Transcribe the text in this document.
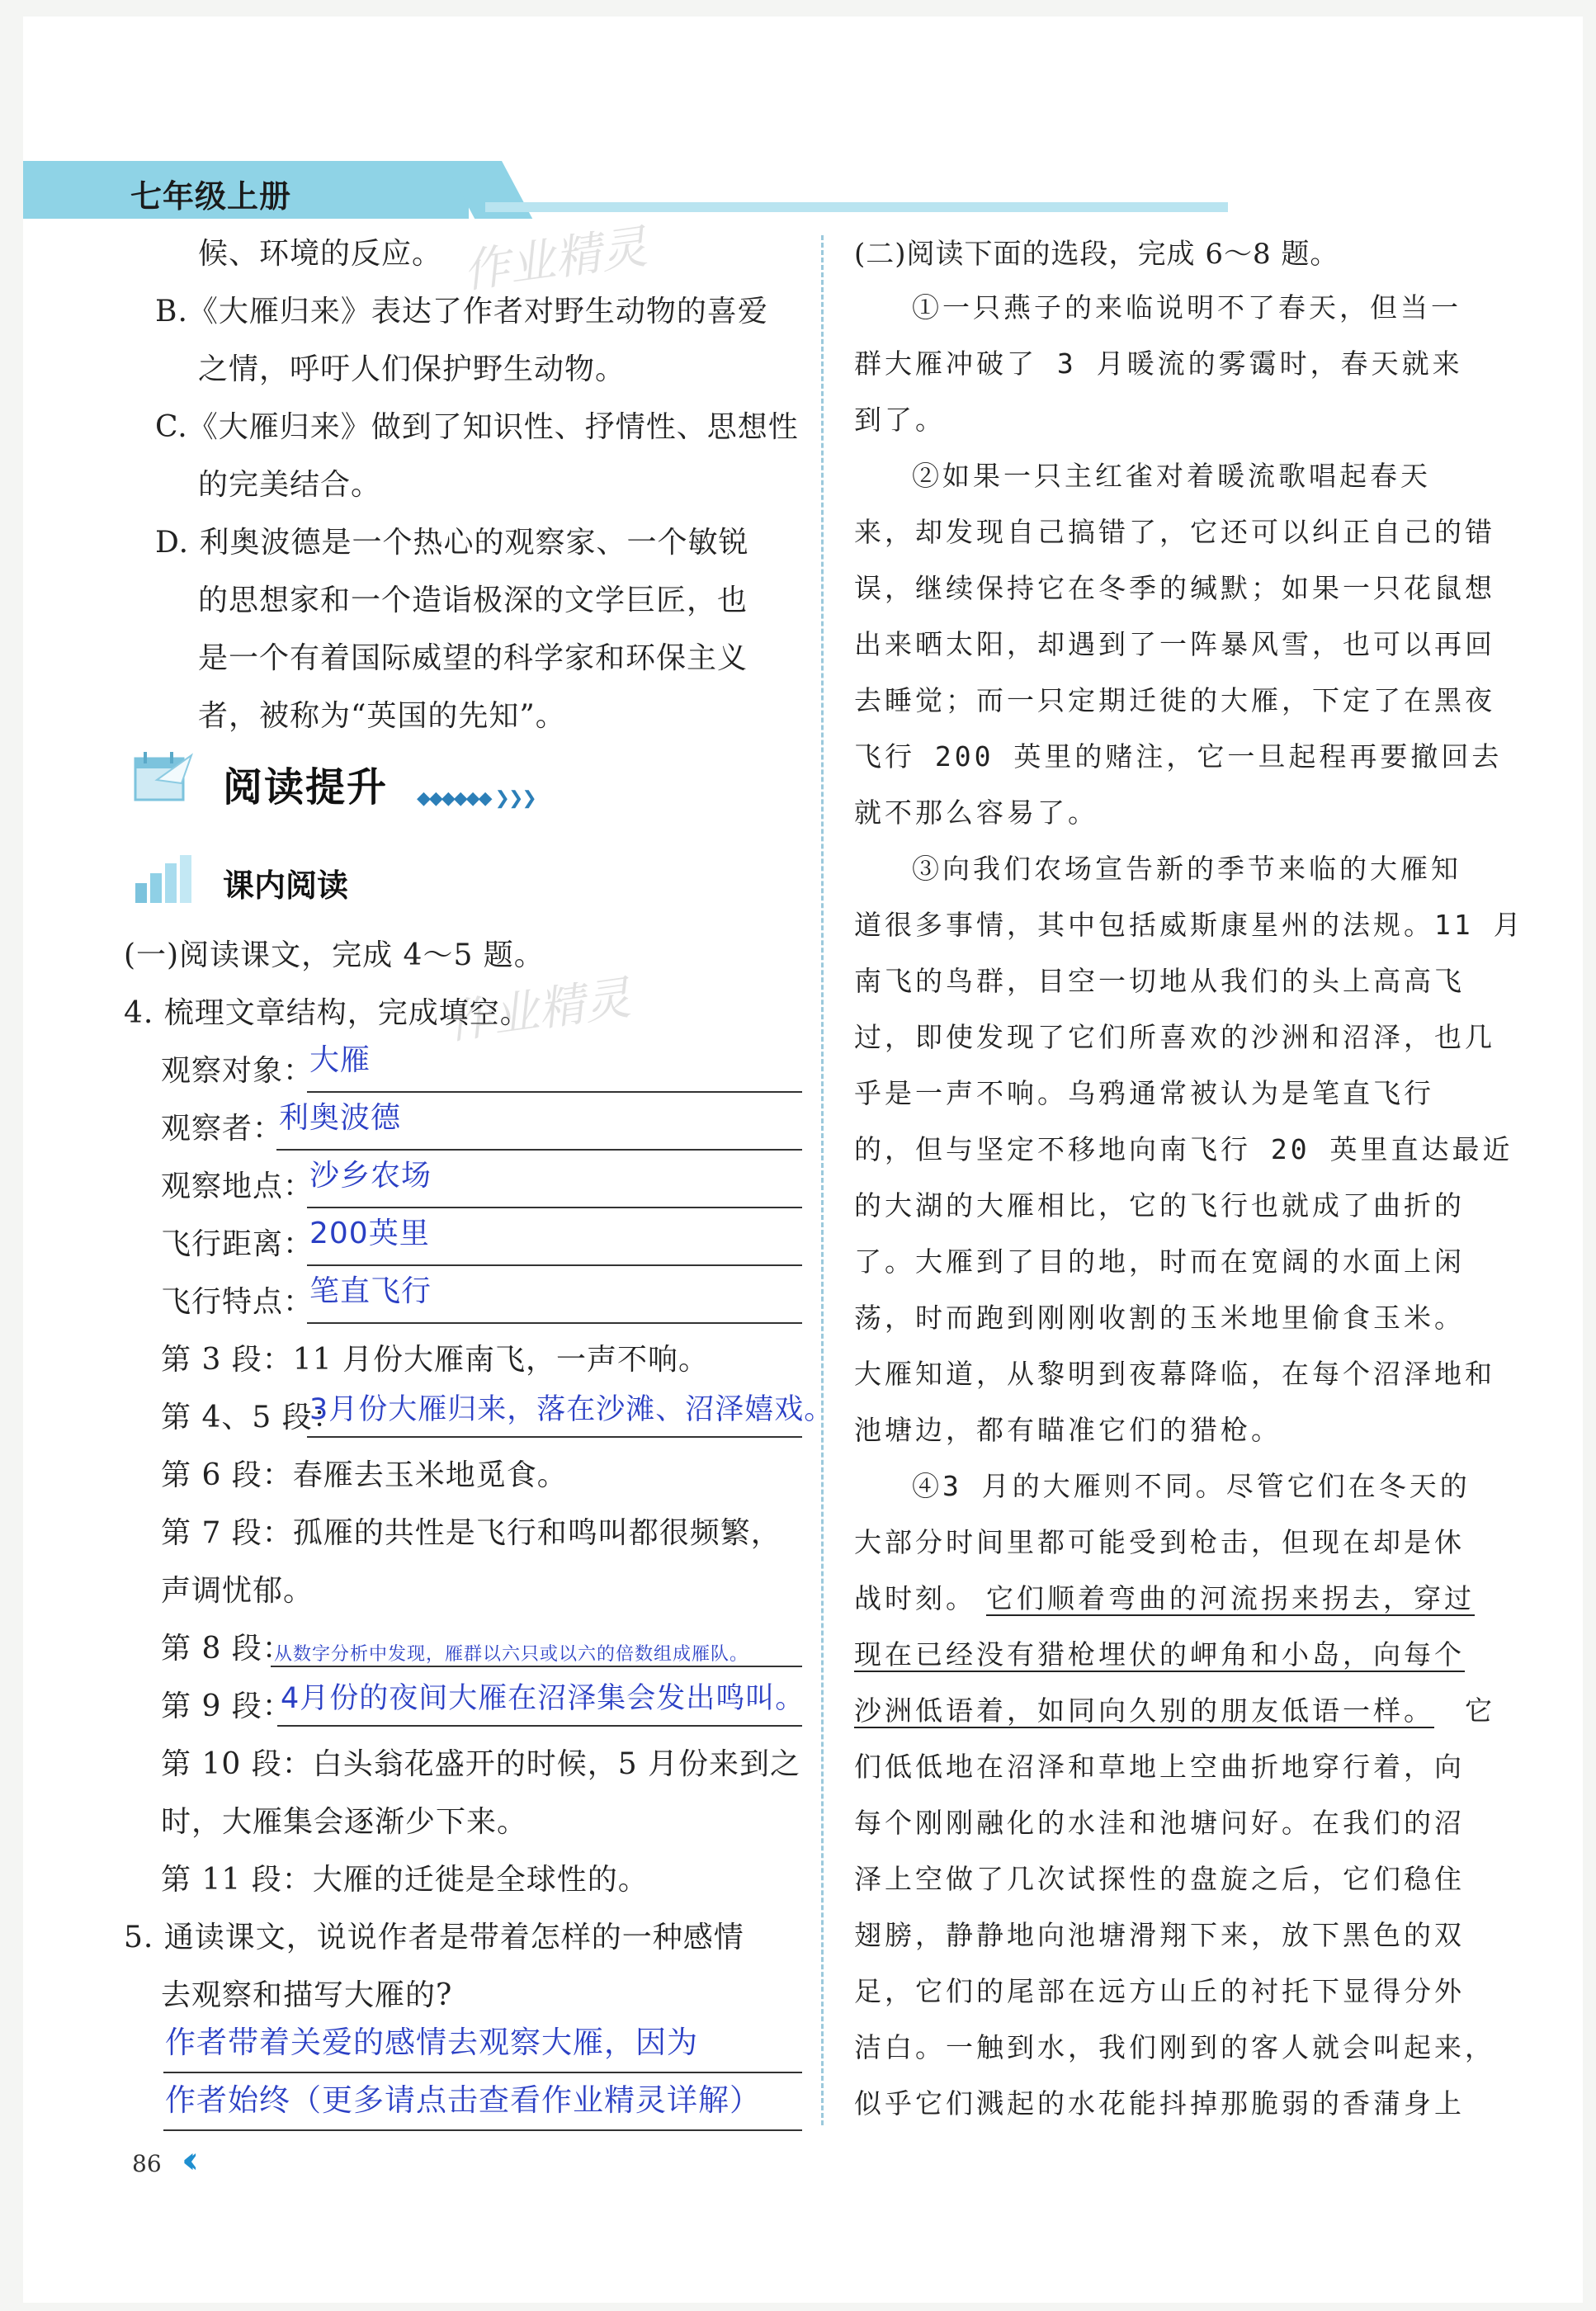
七年级上册
作业精灵
作业精灵
候、环境的反应。
B.《大雁归来》表达了作者对野生动物的喜爱
之情，呼吁人们保护野生动物。
C.《大雁归来》做到了知识性、抒情性、思想性
的完美结合。
D. 利奥波德是一个热心的观察家、一个敏锐
的思想家和一个造诣极深的文学巨匠，也
是一个有着国际威望的科学家和环保主义
者，被称为“英国的先知”。
阅读提升 ◆◆◆◆◆◆ ❯❯❯
课内阅读
(一)阅读课文，完成 4～5 题。
4. 梳理文章结构，完成填空。
观察对象：
大雁
观察者：
利奥波德
观察地点：
沙乡农场
飞行距离：
200英里
飞行特点：
笔直飞行
第 3 段：11 月份大雁南飞，一声不响。
第 4、5 段：
3月份大雁归来，落在沙滩、沼泽嬉戏。
第 6 段：春雁去玉米地觅食。
第 7 段：孤雁的共性是飞行和鸣叫都很频繁，
声调忧郁。
第 8 段：
从数字分析中发现，雁群以六只或以六的倍数组成雁队。
第 9 段：
4月份的夜间大雁在沼泽集会发出鸣叫。
第 10 段：白头翁花盛开的时候，5 月份来到之
时，大雁集会逐渐少下来。
第 11 段：大雁的迁徙是全球性的。
5. 通读课文，说说作者是带着怎样的一种感情
去观察和描写大雁的?
作者带着关爱的感情去观察大雁，因为
作者始终（更多请点击查看作业精灵详解）
(二)阅读下面的选段，完成 6～8 题。
①一只燕子的来临说明不了春天，但当一
群大雁冲破了 3 月暖流的雾霭时，春天就来
到了。
②如果一只主红雀对着暖流歌唱起春天
来，却发现自己搞错了，它还可以纠正自己的错
误，继续保持它在冬季的缄默；如果一只花鼠想
出来晒太阳，却遇到了一阵暴风雪，也可以再回
去睡觉；而一只定期迁徙的大雁，下定了在黑夜
飞行 200 英里的赌注，它一旦起程再要撤回去
就不那么容易了。
③向我们农场宣告新的季节来临的大雁知
道很多事情，其中包括威斯康星州的法规。11 月
南飞的鸟群，目空一切地从我们的头上高高飞
过，即使发现了它们所喜欢的沙洲和沼泽，也几
乎是一声不响。乌鸦通常被认为是笔直飞行
的，但与坚定不移地向南飞行 20 英里直达最近
的大湖的大雁相比，它的飞行也就成了曲折的
了。大雁到了目的地，时而在宽阔的水面上闲
荡，时而跑到刚刚收割的玉米地里偷食玉米。
大雁知道，从黎明到夜幕降临，在每个沼泽地和
池塘边，都有瞄准它们的猎枪。
④3 月的大雁则不同。尽管它们在冬天的
大部分时间里都可能受到枪击，但现在却是休
战时刻。 它们顺着弯曲的河流拐来拐去，穿过
现在已经没有猎枪埋伏的岬角和小岛，向每个
沙洲低语着，如同向久别的朋友低语一样。 它
们低低地在沼泽和草地上空曲折地穿行着，向
每个刚刚融化的水洼和池塘问好。在我们的沼
泽上空做了几次试探性的盘旋之后，它们稳住
翅膀，静静地向池塘滑翔下来，放下黑色的双
足，它们的尾部在远方山丘的衬托下显得分外
洁白。一触到水，我们刚到的客人就会叫起来，
似乎它们溅起的水花能抖掉那脆弱的香蒲身上
86 ‹‹
